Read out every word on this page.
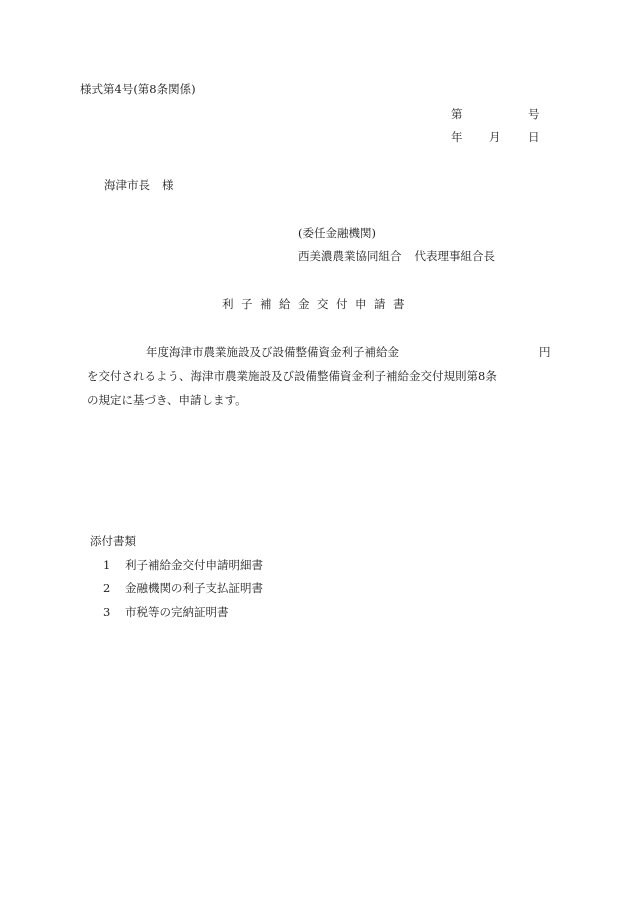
様式第4号(第8条関係)
第	号
年 月 日
海津市長 様
(委任金融機関)
西美濃農業協同組合 代表理事組合長
利子補給金交付申請書
年度海津市農業施設及び設備整備資金利子補給金	円
を交付されるよう、海津市農業施設及び設備整備資金利子補給金交付規則第8条
の規定に基づき、申請します。
添付書類
1 利子補給金交付申請明細書
2 金融機関の利子支払証明書
3 市税等の完納証明書
